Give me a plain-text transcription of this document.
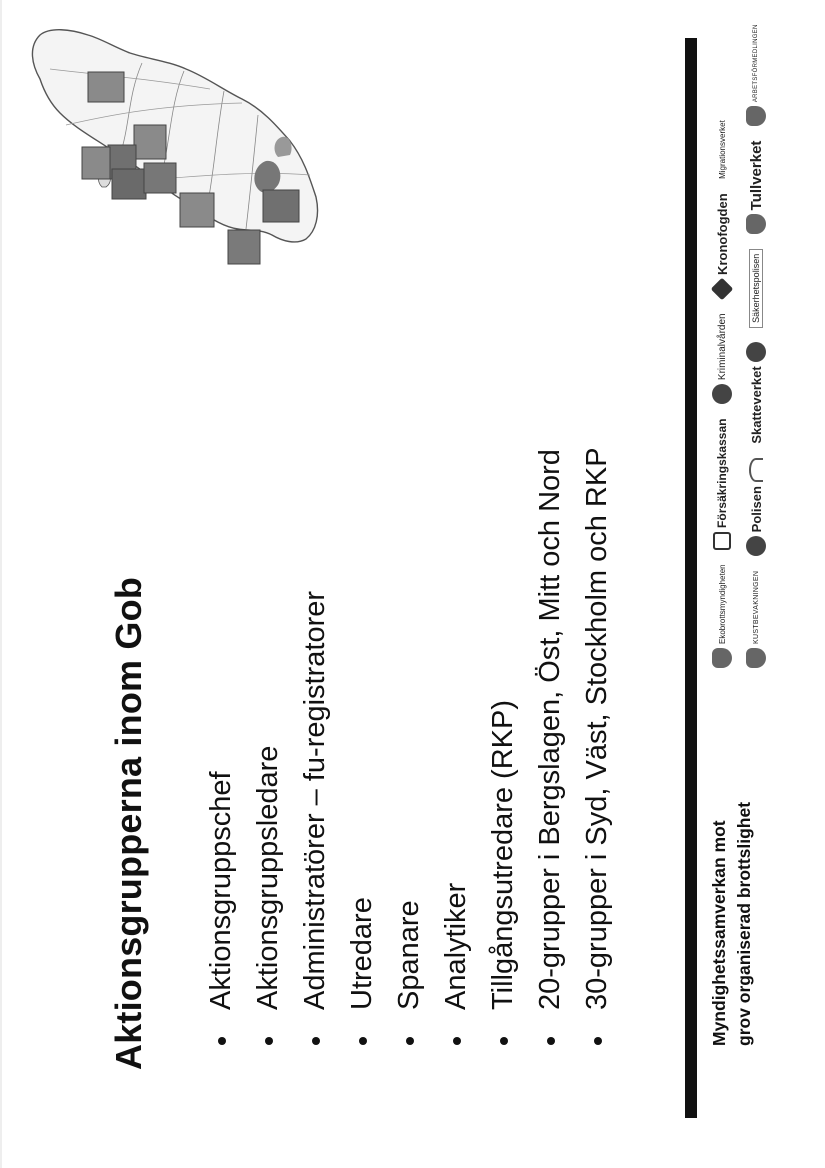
Aktionsgrupperna inom Gob Aktionsgruppschef Aktionsgruppsledare Administratörer – fu-registratorer Utredare Spanare Analytiker Tillgångsutredare (RKP) 20-grupper i Bergslagen, Öst, Mitt och Nord 30-grupper i Syd, Väst, Stockholm och RKP	Myndighetssamverkan mot grov organiserad brottslighet
Ekobrottsmyndigheten

Försäkringskassan

Kriminalvården

Kronofogden

Migrationsverket
KUSTBEVAKNINGEN

Polisen

Skatteverket

Säkerhetspolisen

Tullverket

ARBETSFÖRMEDLINGEN
